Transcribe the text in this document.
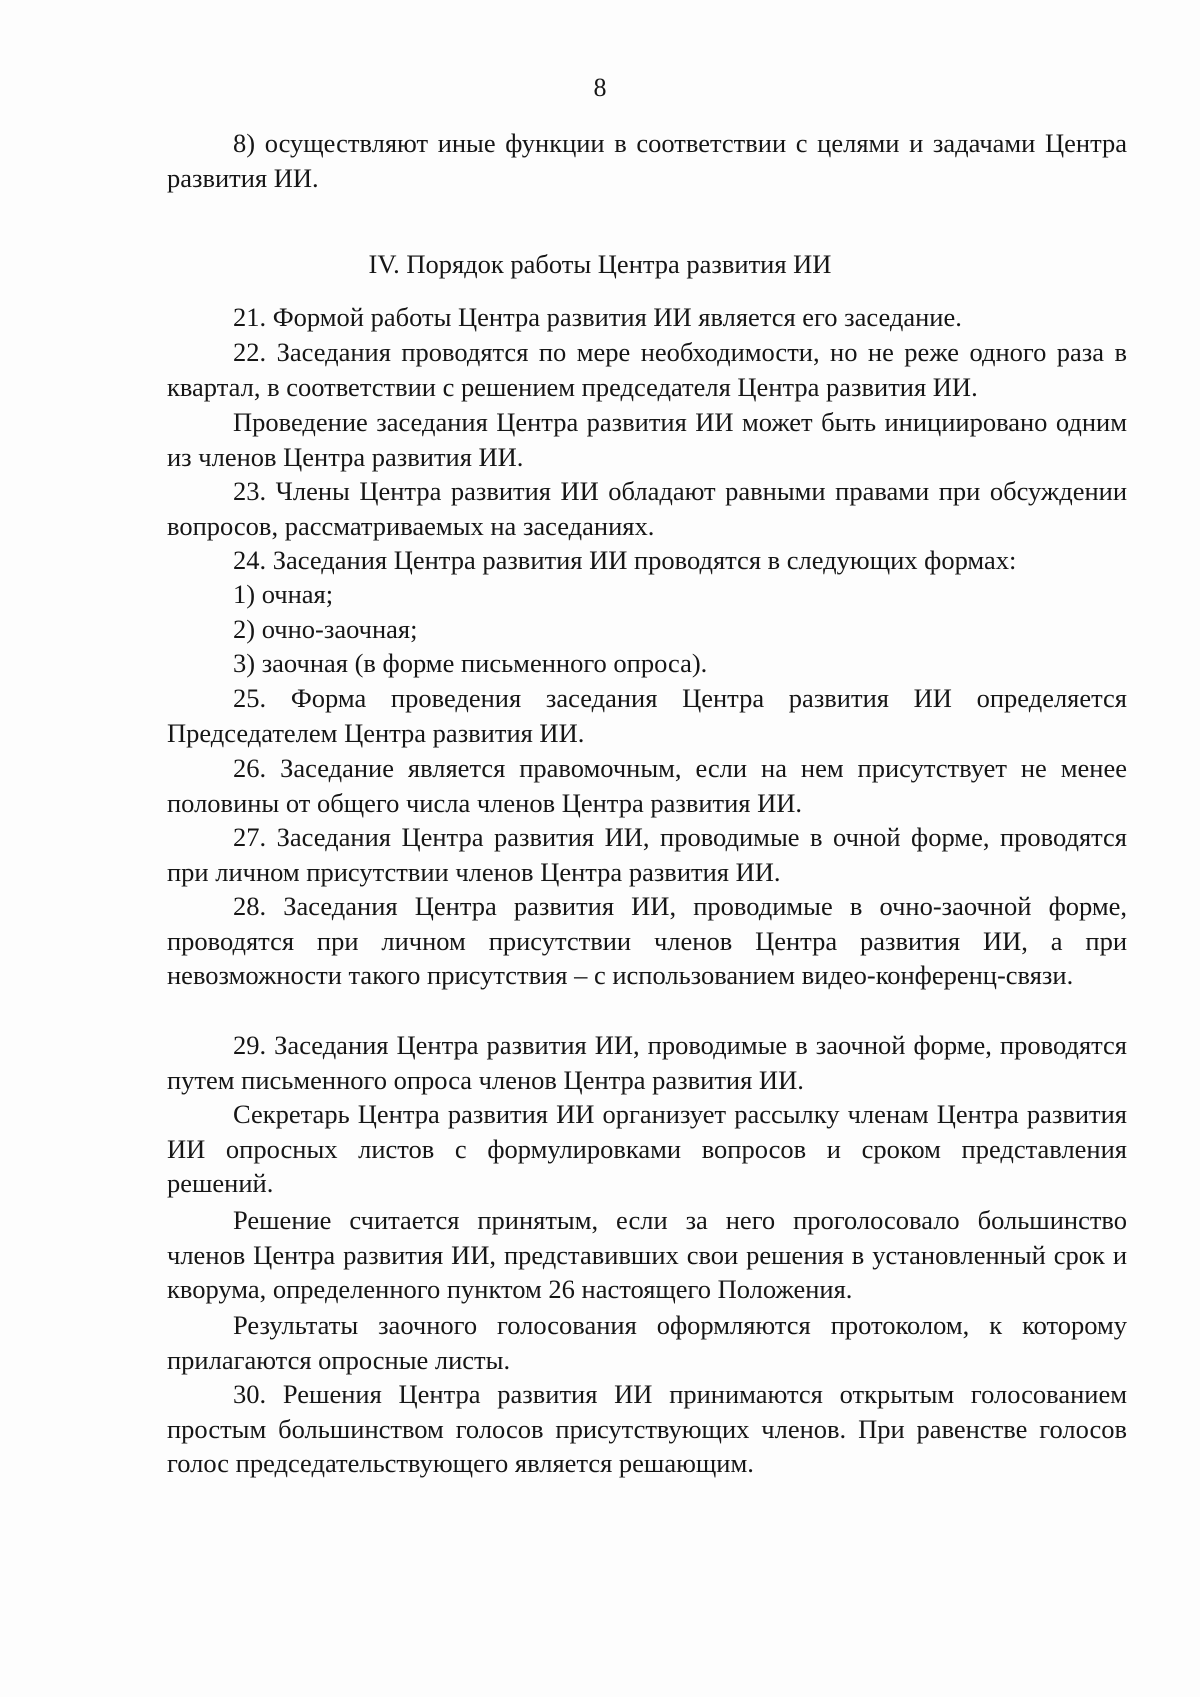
8
8) осуществляют иные функции в соответствии с целями и задачами Центра развития ИИ.
IV. Порядок работы Центра развития ИИ
21. Формой работы Центра развития ИИ является его заседание.
22. Заседания проводятся по мере необходимости, но не реже одного раза в квартал, в соответствии с решением председателя Центра развития ИИ.
Проведение заседания Центра развития ИИ может быть инициировано одним из членов Центра развития ИИ.
23. Члены Центра развития ИИ обладают равными правами при обсуждении вопросов, рассматриваемых на заседаниях.
24. Заседания Центра развития ИИ проводятся в следующих формах:
1) очная;
2) очно-заочная;
3) заочная (в форме письменного опроса).
25. Форма проведения заседания Центра развития ИИ определяется Председателем Центра развития ИИ.
26. Заседание является правомочным, если на нем присутствует не менее половины от общего числа членов Центра развития ИИ.
27. Заседания Центра развития ИИ, проводимые в очной форме, проводятся при личном присутствии членов Центра развития ИИ.
28. Заседания Центра развития ИИ, проводимые в очно-заочной форме, проводятся при личном присутствии членов Центра развития ИИ, а при невозможности такого присутствия – с использованием видео-конференц-связи.
29. Заседания Центра развития ИИ, проводимые в заочной форме, проводятся путем письменного опроса членов Центра развития ИИ.
Секретарь Центра развития ИИ организует рассылку членам Центра развития ИИ опросных листов с формулировками вопросов и сроком представления решений.
Решение считается принятым, если за него проголосовало большинство членов Центра развития ИИ, представивших свои решения в установленный срок и кворума, определенного пунктом 26 настоящего Положения.
Результаты заочного голосования оформляются протоколом, к которому прилагаются опросные листы.
30. Решения Центра развития ИИ принимаются открытым голосованием простым большинством голосов присутствующих членов. При равенстве голосов голос председательствующего является решающим.
